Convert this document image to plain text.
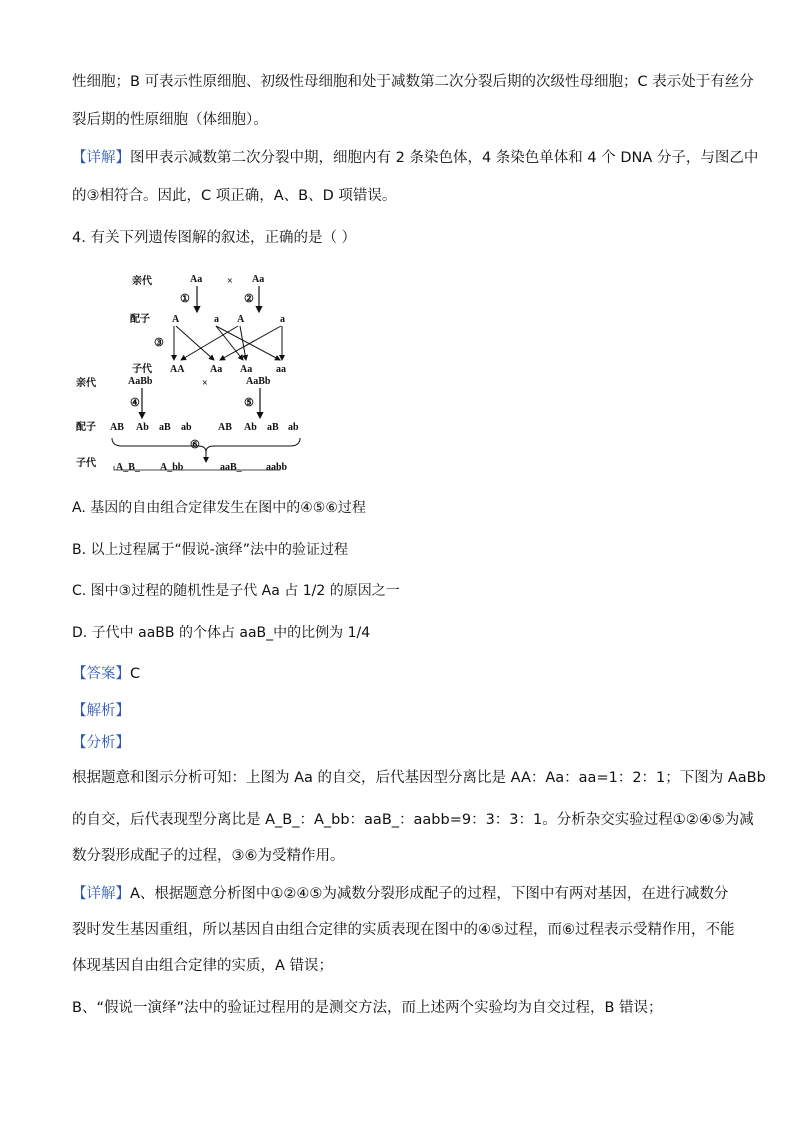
性细胞；B 可表示性原细胞、初级性母细胞和处于减数第二次分裂后期的次级性母细胞；C 表示处于有丝分
裂后期的性原细胞（体细胞）。
【详解】图甲表示减数第二次分裂中期，细胞内有 2 条染色体，4 条染色单体和 4 个 DNA 分子，与图乙中
的③相符合。因此，C 项正确，A、B、D 项错误。
4. 有关下列遗传图解的叙述，正确的是（ ）
亲代	Aa × Aa
①	②
配子 A	a A	a
③
子代 AA	Aa Aa aa
亲代	AaBb	×	AaBb
④	⑤
配子 AB Ab aB ab	AB Ab aB ab
⑥
子代 A_B_ A_bb	aaB_ aabb
A. 基因的自由组合定律发生在图中的④⑤⑥过程
B. 以上过程属于“假说-演绎”法中的验证过程
C. 图中③过程的随机性是子代 Aa 占 1/2 的原因之一
D. 子代中 aaBB 的个体占 aaB_中的比例为 1/4
【答案】C
【解析】
【分析】
根据题意和图示分析可知：上图为 Aa 的自交，后代基因型分离比是 AA：Aa：aa=1：2：1；下图为 AaBb
的自交，后代表现型分离比是 A_B_：A_bb：aaB_：aabb=9：3：3：1。分析杂交实验过程①②④⑤为减
数分裂形成配子的过程，③⑥为受精作用。
【详解】A、根据题意分析图中①②④⑤为减数分裂形成配子的过程，下图中有两对基因，在进行减数分
裂时发生基因重组，所以基因自由组合定律的实质表现在图中的④⑤过程，而⑥过程表示受精作用，不能
体现基因自由组合定律的实质，A 错误；
B、“假说一演绎”法中的验证过程用的是测交方法，而上述两个实验均为自交过程，B 错误；
